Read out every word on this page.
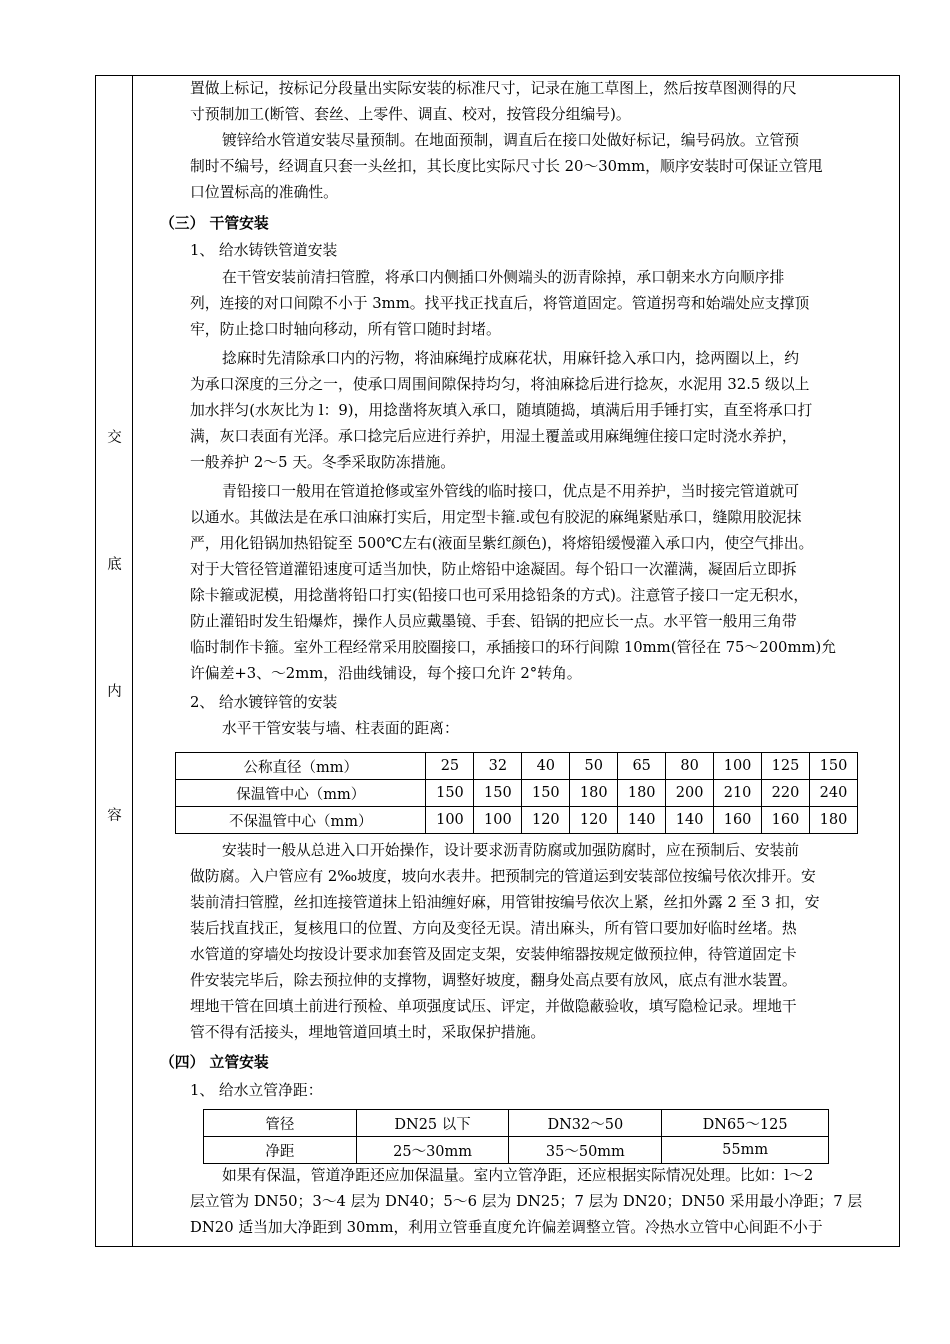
交
底
内
容
置做上标记，按标记分段量出实际安装的标准尺寸，记录在施工草图上，然后按草图测得的尺
寸预制加工(断管、套丝、上零件、调直、校对，按管段分组编号)。
镀锌给水管道安装尽量预制。在地面预制，调直后在接口处做好标记，编号码放。立管预
制时不编号，经调直只套一头丝扣，其长度比实际尺寸长 20～30mm，顺序安装时可保证立管甩
口位置标高的准确性。
（三） 干管安装
1、 给水铸铁管道安装
在干管安装前清扫管膛，将承口内侧插口外侧端头的沥青除掉，承口朝来水方向顺序排
列，连接的对口间隙不小于 3mm。找平找正找直后，将管道固定。管道拐弯和始端处应支撑顶
牢，防止捻口时轴向移动，所有管口随时封堵。
捻麻时先清除承口内的污物，将油麻绳拧成麻花状，用麻钎捻入承口内，捻两圈以上，约
为承口深度的三分之一，使承口周围间隙保持均匀，将油麻捻后进行捻灰，水泥用 32.5 级以上
加水拌匀(水灰比为 l：9)，用捻凿将灰填入承口，随填随捣，填满后用手锤打实，直至将承口打
满，灰口表面有光泽。承口捻完后应进行养护，用湿土覆盖或用麻绳缠住接口定时浇水养护，
一般养护 2～5 天。冬季采取防冻措施。
青铅接口一般用在管道抢修或室外管线的临时接口，优点是不用养护，当时接完管道就可
以通水。其做法是在承口油麻打实后，用定型卡箍.或包有胶泥的麻绳紧贴承口，缝隙用胶泥抹
严，用化铅锅加热铅锭至 500℃左右(液面呈紫红颜色)，将熔铅缓慢灌入承口内，使空气排出。
对于大管径管道灌铅速度可适当加快，防止熔铅中途凝固。每个铅口一次灌满，凝固后立即拆
除卡箍或泥模，用捻凿将铅口打实(铅接口也可采用捻铅条的方式)。注意管子接口一定无积水，
防止灌铅时发生铅爆炸，操作人员应戴墨镜、手套、铅锅的把应长一点。水平管一般用三角带
临时制作卡箍。室外工程经常采用胶圈接口，承插接口的环行间隙 10mm(管径在 75～200mm)允
许偏差+3、～2mm，沿曲线铺设，每个接口允许 2°转角。
2、 给水镀锌管的安装
水平干管安装与墙、柱表面的距离：
公称直径（mm）	25	32	40	50	65	80	100	125	150
保温管中心（mm）	150	150	150	180	180	200	210	220	240
不保温管中心（mm）	100	100	120	120	140	140	160	160	180
安装时一般从总进入口开始操作，设计要求沥青防腐或加强防腐时，应在预制后、安装前
做防腐。入户管应有 2‰坡度，坡向水表井。把预制完的管道运到安装部位按编号依次排开。安
装前清扫管膛，丝扣连接管道抹上铅油缠好麻，用管钳按编号依次上紧，丝扣外露 2 至 3 扣，安
装后找直找正，复核甩口的位置、方向及变径无误。清出麻头，所有管口要加好临时丝堵。热
水管道的穿墙处均按设计要求加套管及固定支架，安装伸缩器按规定做预拉伸，待管道固定卡
件安装完毕后，除去预拉伸的支撑物，调整好坡度，翻身处高点要有放风，底点有泄水装置。
埋地干管在回填土前进行预检、单项强度试压、评定，并做隐蔽验收，填写隐检记录。埋地干
管不得有活接头，埋地管道回填土时，采取保护措施。
（四） 立管安装
1、 给水立管净距：
管径	DN25 以下	DN32～50	DN65～125
净距	25～30mm	35～50mm	55mm
如果有保温，管道净距还应加保温量。室内立管净距，还应根据实际情况处理。比如：l～2
层立管为 DN50；3～4 层为 DN40；5～6 层为 DN25；7 层为 DN20；DN50 采用最小净距；7 层
DN20 适当加大净距到 30mm，利用立管垂直度允许偏差调整立管。冷热水立管中心间距不小于
